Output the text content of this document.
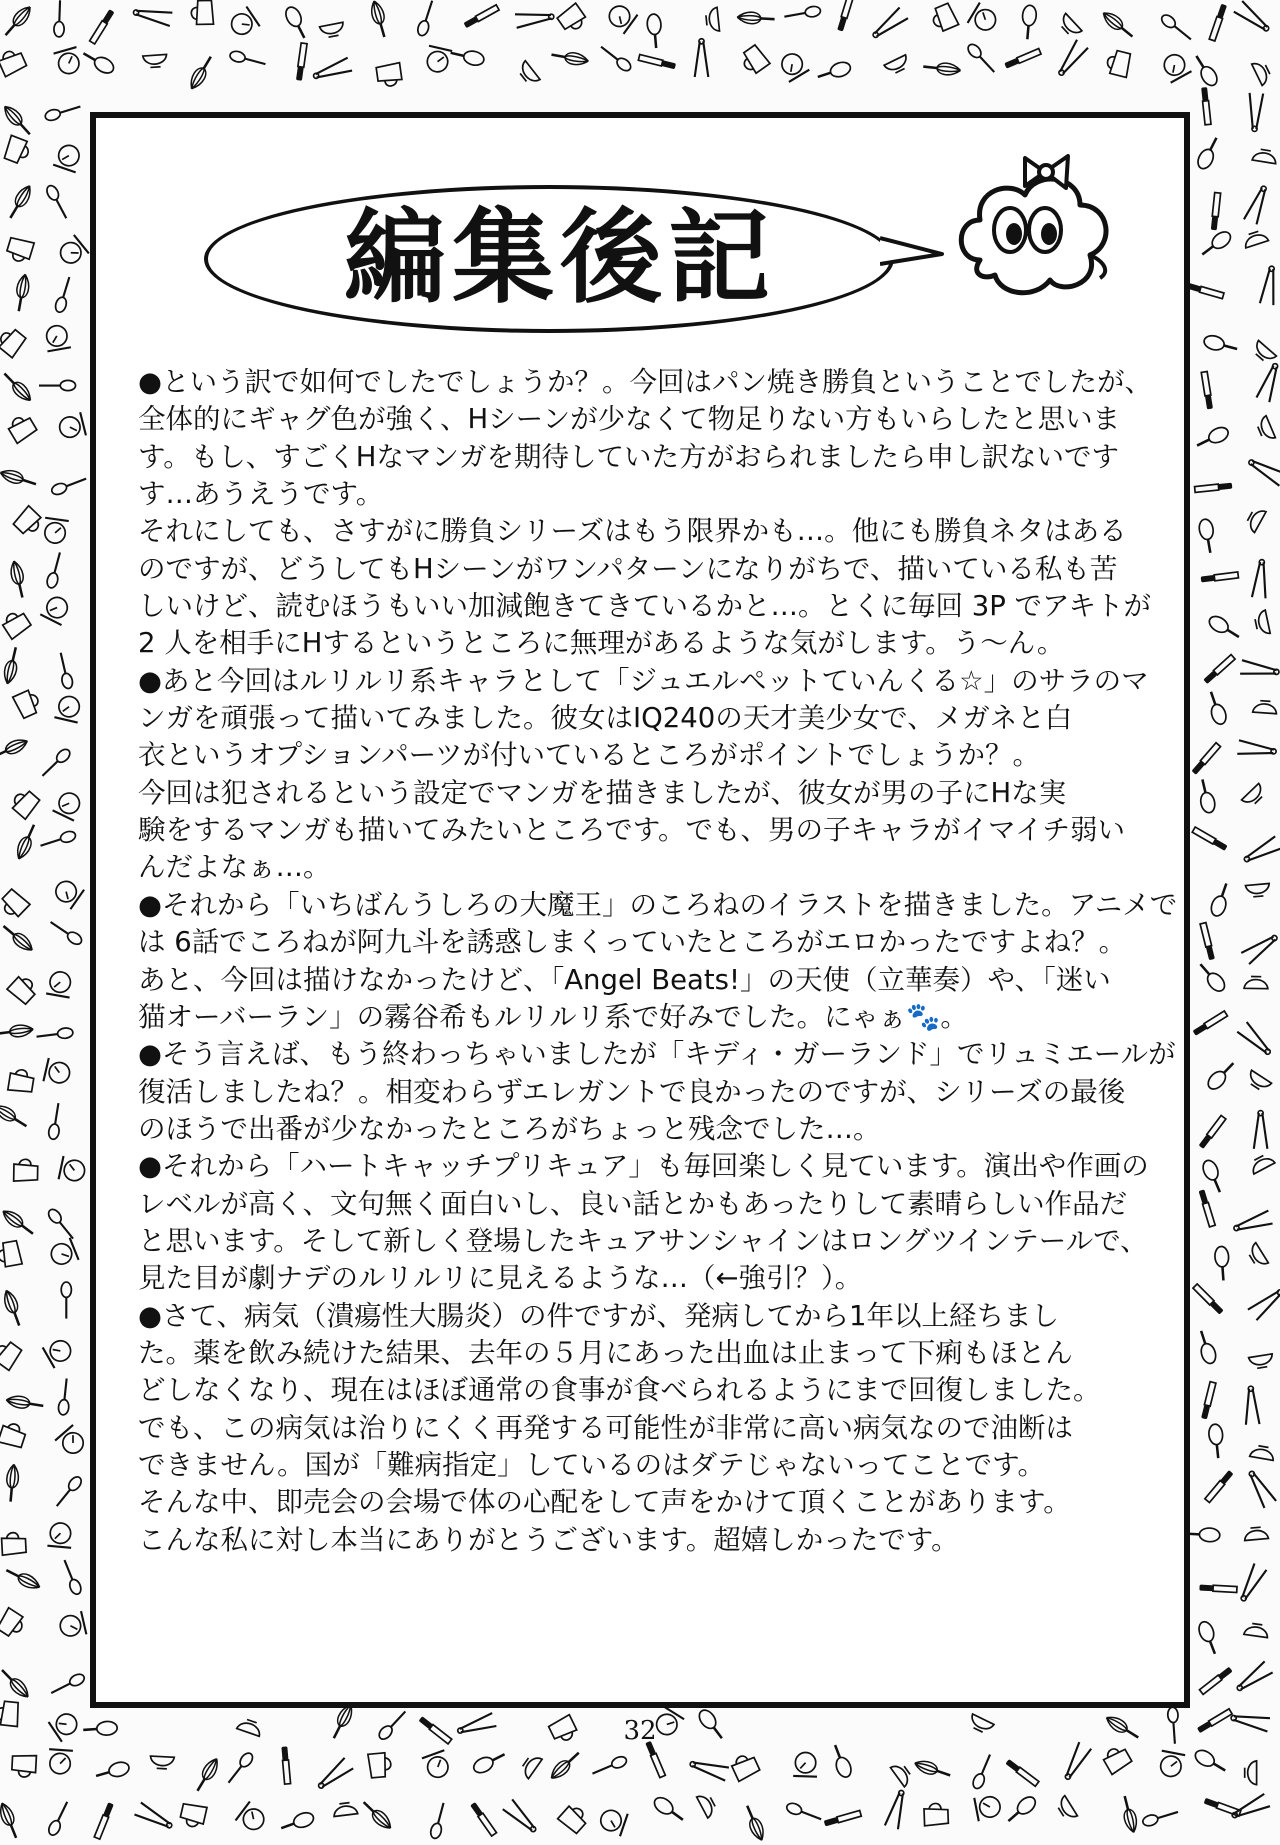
編集後記
●という訳で如何でしたでしょうか？。今回はパン焼き勝負ということでしたが、
全体的にギャグ色が強く、Hシーンが少なくて物足りない方もいらしたと思いま
す。もし、すごくHなマンガを期待していた方がおられましたら申し訳ないです
す…あうえうです。
それにしても、さすがに勝負シリーズはもう限界かも…。他にも勝負ネタはある
のですが、どうしてもHシーンがワンパターンになりがちで、描いている私も苦
しいけど、読むほうもいい加減飽きてきているかと…。とくに毎回 3P でアキトが
2 人を相手にHするというところに無理があるような気がします。う～ん。
●あと今回はルリルリ系キャラとして「ジュエルペットていんくる☆」のサラのマ
ンガを頑張って描いてみました。彼女はIQ240の天才美少女で、メガネと白
衣というオプションパーツが付いているところがポイントでしょうか？。
今回は犯されるという設定でマンガを描きましたが、彼女が男の子にHな実
験をするマンガも描いてみたいところです。でも、男の子キャラがイマイチ弱い
んだよなぁ…。
●それから「いちばんうしろの大魔王」のころねのイラストを描きました。アニメで
は 6話でころねが阿九斗を誘惑しまくっていたところがエロかったですよね？。
あと、今回は描けなかったけど、「Angel Beats!」の天使（立華奏）や、「迷い
猫オーバーラン」の霧谷希もルリルリ系で好みでした。にゃぁ🐾。
●そう言えば、もう終わっちゃいましたが「キディ・ガーランド」でリュミエールが
復活しましたね？。相変わらずエレガントで良かったのですが、シリーズの最後
のほうで出番が少なかったところがちょっと残念でした…。
●それから「ハートキャッチプリキュア」も毎回楽しく見ています。演出や作画の
レベルが高く、文句無く面白いし、良い話とかもあったりして素晴らしい作品だ
と思います。そして新しく登場したキュアサンシャインはロングツインテールで、
見た目が劇ナデのルリルリに見えるような…（←強引？）。
●さて、病気（潰瘍性大腸炎）の件ですが、発病してから1年以上経ちまし
た。薬を飲み続けた結果、去年の５月にあった出血は止まって下痢もほとん
どしなくなり、現在はほぼ通常の食事が食べられるようにまで回復しました。
でも、この病気は治りにくく再発する可能性が非常に高い病気なので油断は
できません。国が「難病指定」しているのはダテじゃないってことです。
そんな中、即売会の会場で体の心配をして声をかけて頂くことがあります。
こんな私に対し本当にありがとうございます。超嬉しかったです。
32
